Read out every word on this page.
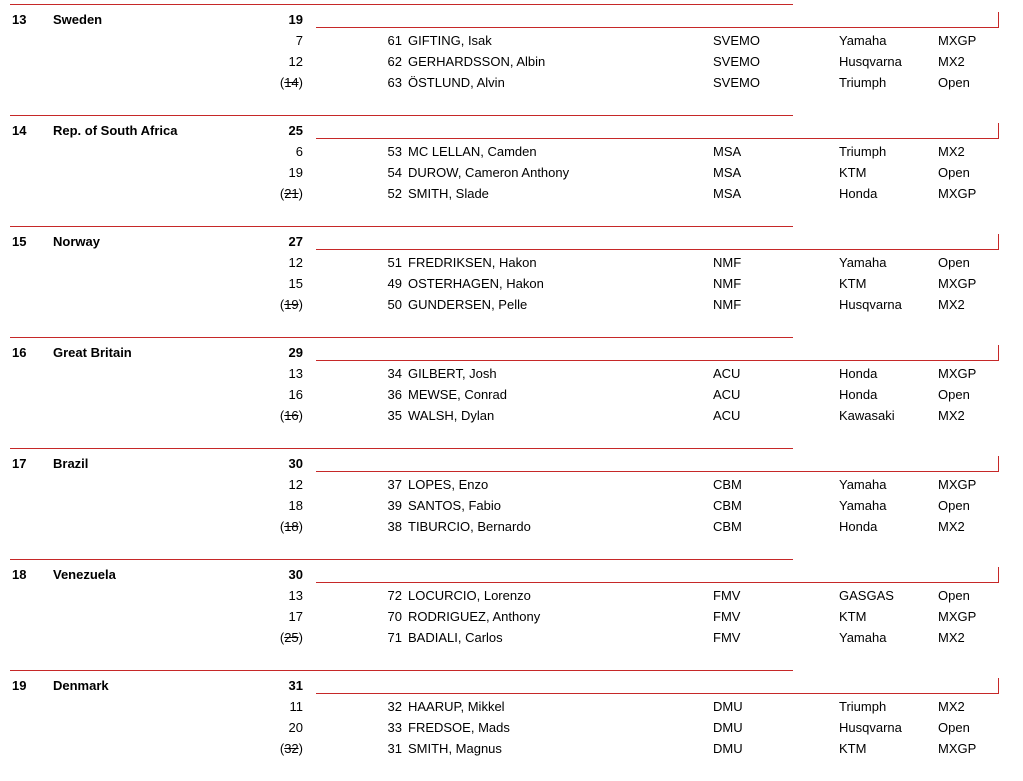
13 Sweden	19
7	61 GIFTING, Isak	SVEMO	Yamaha	MXGP
12	62 GERHARDSSON, Albin	SVEMO	Husqvarna	MX2
(14)	63 ÖSTLUND, Alvin	SVEMO	Triumph	Open
14 Rep. of South Africa	25
6	53 MC LELLAN, Camden	MSA	Triumph	MX2
19	54 DUROW, Cameron Anthony	MSA	KTM	Open
(21)	52 SMITH, Slade	MSA	Honda	MXGP
15 Norway	27
12	51 FREDRIKSEN, Hakon	NMF	Yamaha	Open
15	49 OSTERHAGEN, Hakon	NMF	KTM	MXGP
(19)	50 GUNDERSEN, Pelle	NMF	Husqvarna	MX2
16 Great Britain	29
13	34 GILBERT, Josh	ACU	Honda	MXGP
16	36 MEWSE, Conrad	ACU	Honda	Open
(16)	35 WALSH, Dylan	ACU	Kawasaki	MX2
17 Brazil	30
12	37 LOPES, Enzo	CBM	Yamaha	MXGP
18	39 SANTOS, Fabio	CBM	Yamaha	Open
(18)	38 TIBURCIO, Bernardo	CBM	Honda	MX2
18 Venezuela	30
13	72 LOCURCIO, Lorenzo	FMV	GASGAS	Open
17	70 RODRIGUEZ, Anthony	FMV	KTM	MXGP
(25)	71 BADIALI, Carlos	FMV	Yamaha	MX2
19 Denmark	31
11	32 HAARUP, Mikkel	DMU	Triumph	MX2
20	33 FREDSOE, Mads	DMU	Husqvarna	Open
(32)	31 SMITH, Magnus	DMU	KTM	MXGP
